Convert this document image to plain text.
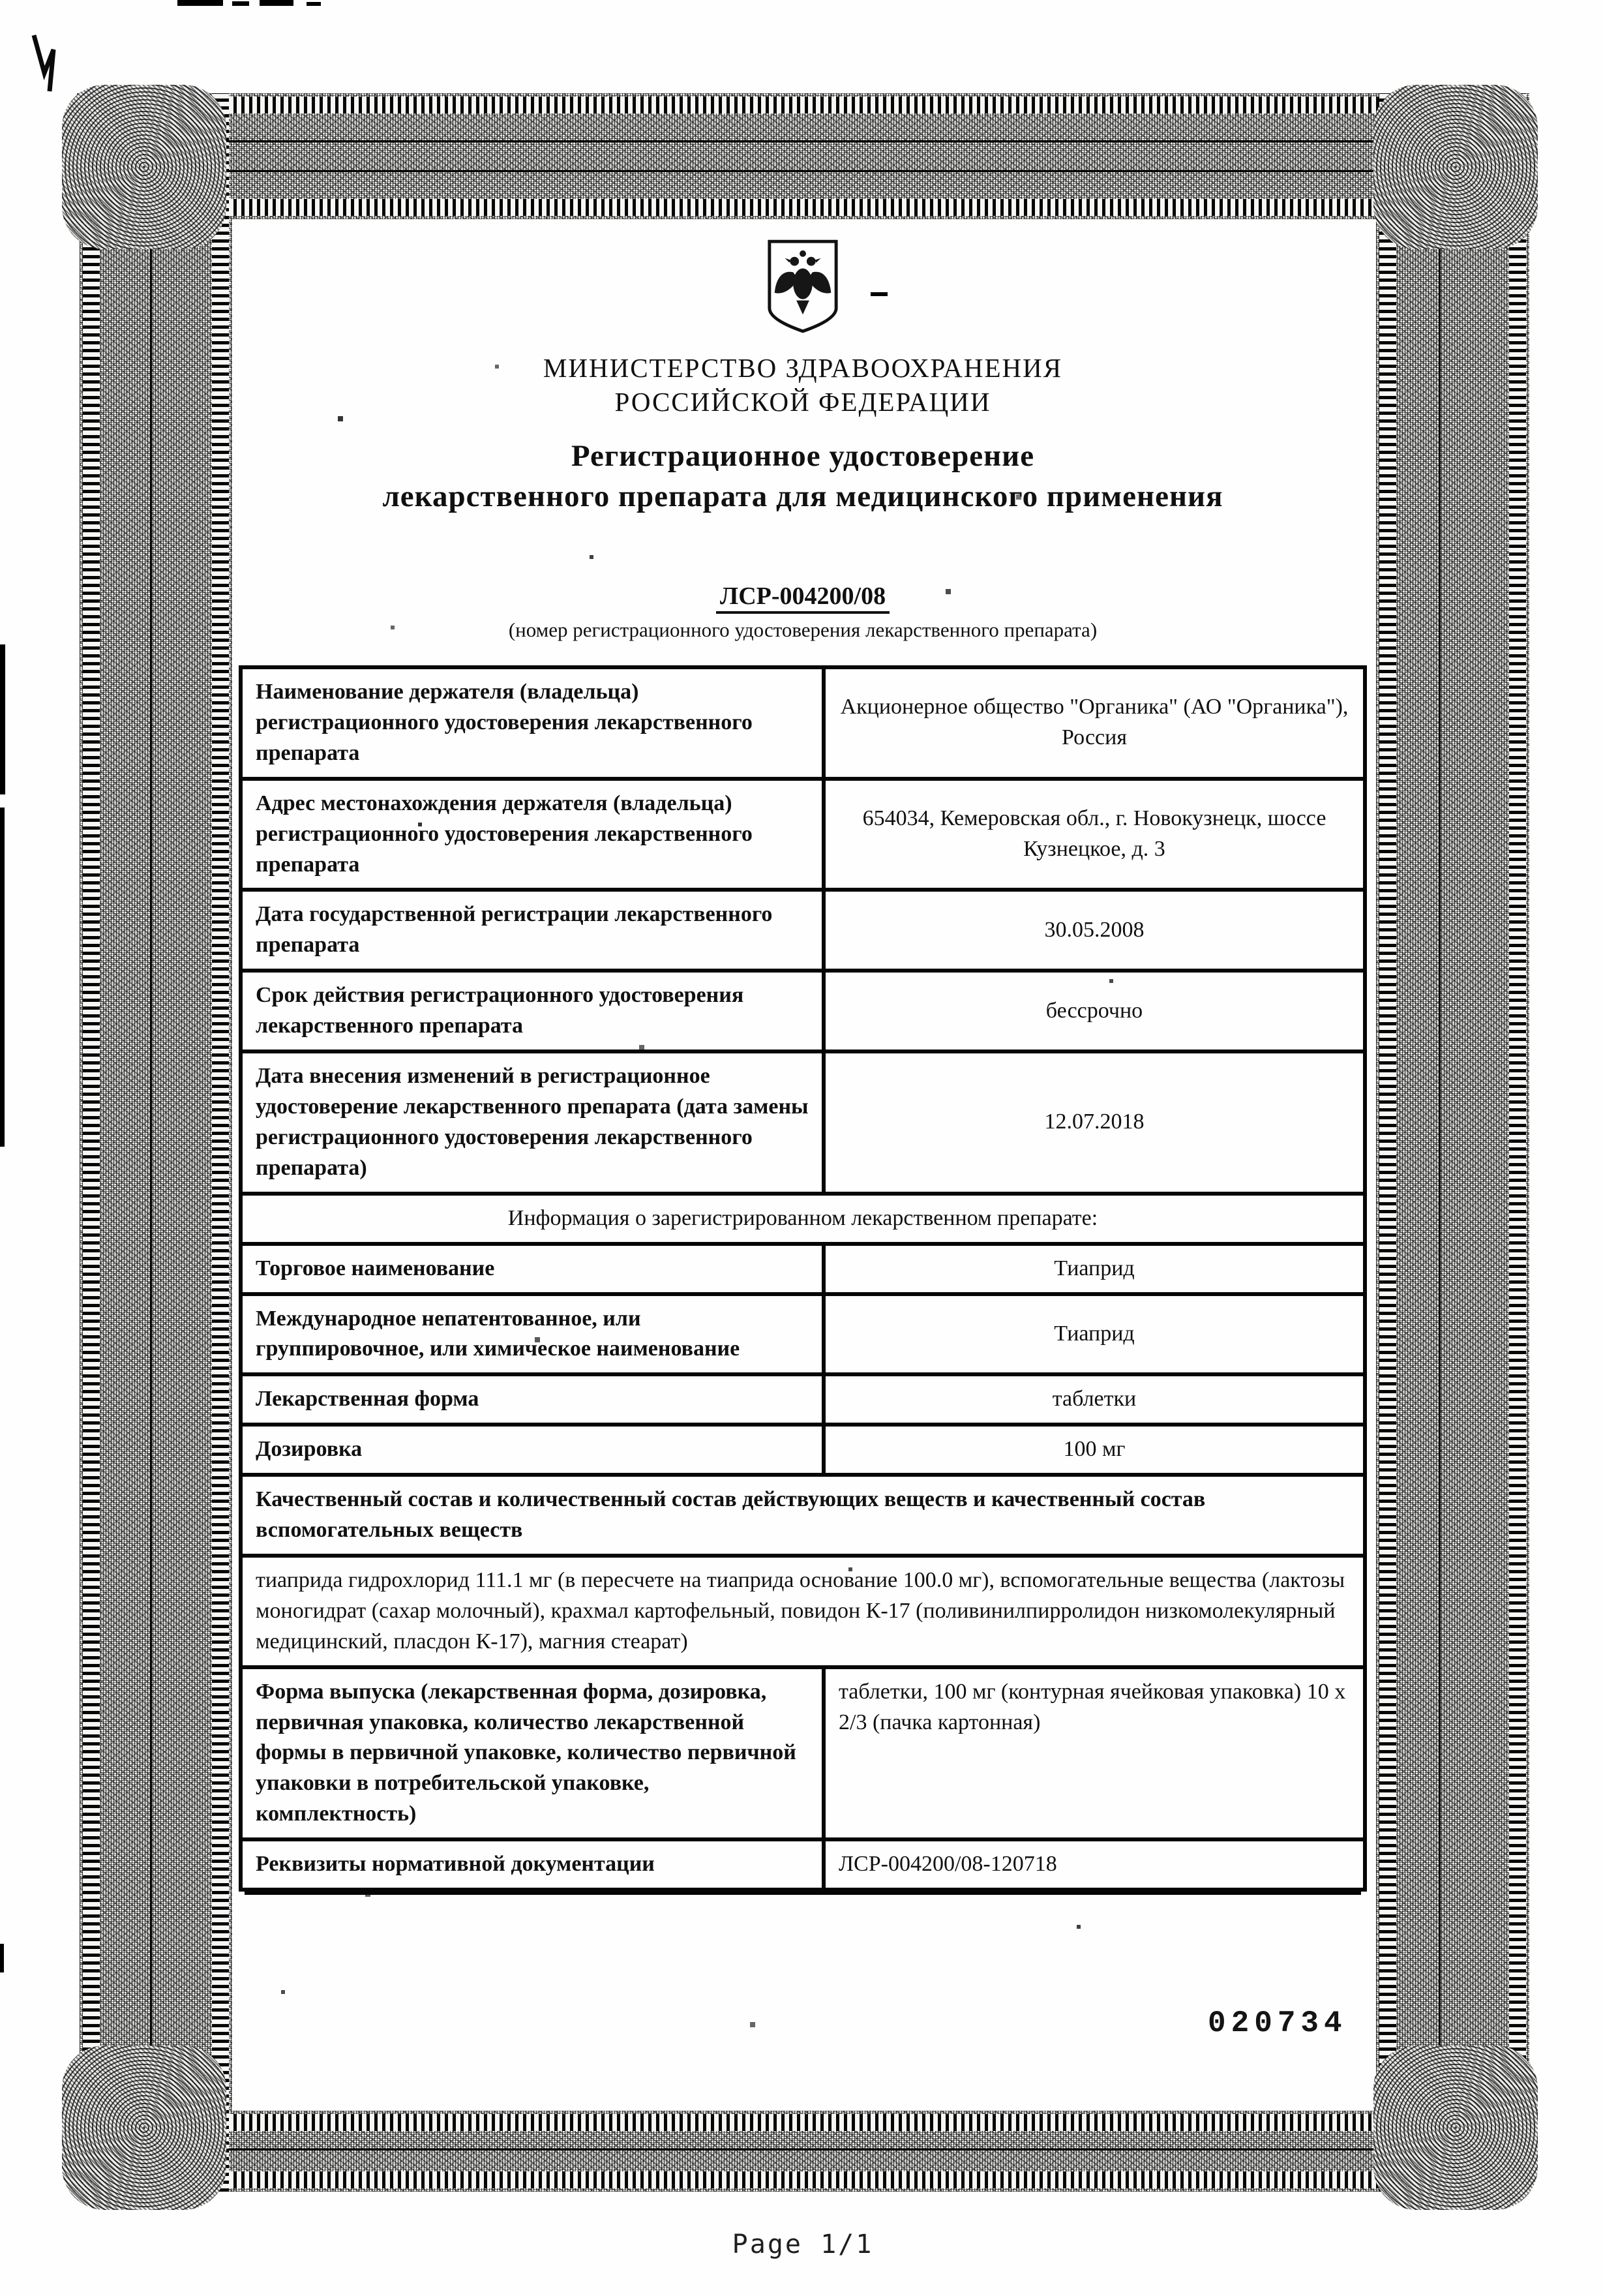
МИНИСТЕРСТВО ЗДРАВООХРАНЕНИЯ
РОССИЙСКОЙ ФЕДЕРАЦИИ
Регистрационное удостоверение
лекарственного препарата для медицинского применения
ЛСР-004200/08
(номер регистрационного удостоверения лекарственного препарата)
Наименование держателя (владельца) регистрационного удостоверения лекарственного препарата	Акционерное общество "Органика" (АО "Органика"), Россия
Адрес местонахождения держателя (владельца) регистрационного удостоверения лекарственного препарата	654034, Кемеровская обл., г. Новокузнецк, шоссе Кузнецкое, д. 3
Дата государственной регистрации лекарственного препарата	30.05.2008
Срок действия регистрационного удостоверения лекарственного препарата	бессрочно
Дата внесения изменений в регистрационное удостоверение лекарственного препарата (дата замены регистрационного удостоверения лекарственного препарата)	12.07.2018
Информация о зарегистрированном лекарственном препарате:	
Торговое наименование	Тиаприд
Международное непатентованное, или группировочное, или химическое наименование	Тиаприд
Лекарственная форма	таблетки
Дозировка	100 мг
Качественный состав и количественный состав действующих веществ и качественный состав вспомогательных веществ	
тиаприда гидрохлорид 111.1 мг (в пересчете на тиаприда основание 100.0 мг), вспомогательные вещества (лактозы моногидрат (сахар молочный), крахмал картофельный, повидон К-17 (поливинилпирролидон низкомолекулярный медицинский, пласдон К-17), магния стеарат)	
Форма выпуска (лекарственная форма, дозировка, первичная упаковка, количество лекарственной формы в первичной упаковке, количество первичной упаковки в потребительской упаковке, комплектность)	таблетки, 100 мг (контурная ячейковая упаковка) 10 х 2/3 (пачка картонная)
Реквизиты нормативной документации	ЛСР-004200/08-120718
020734
Page 1/1
